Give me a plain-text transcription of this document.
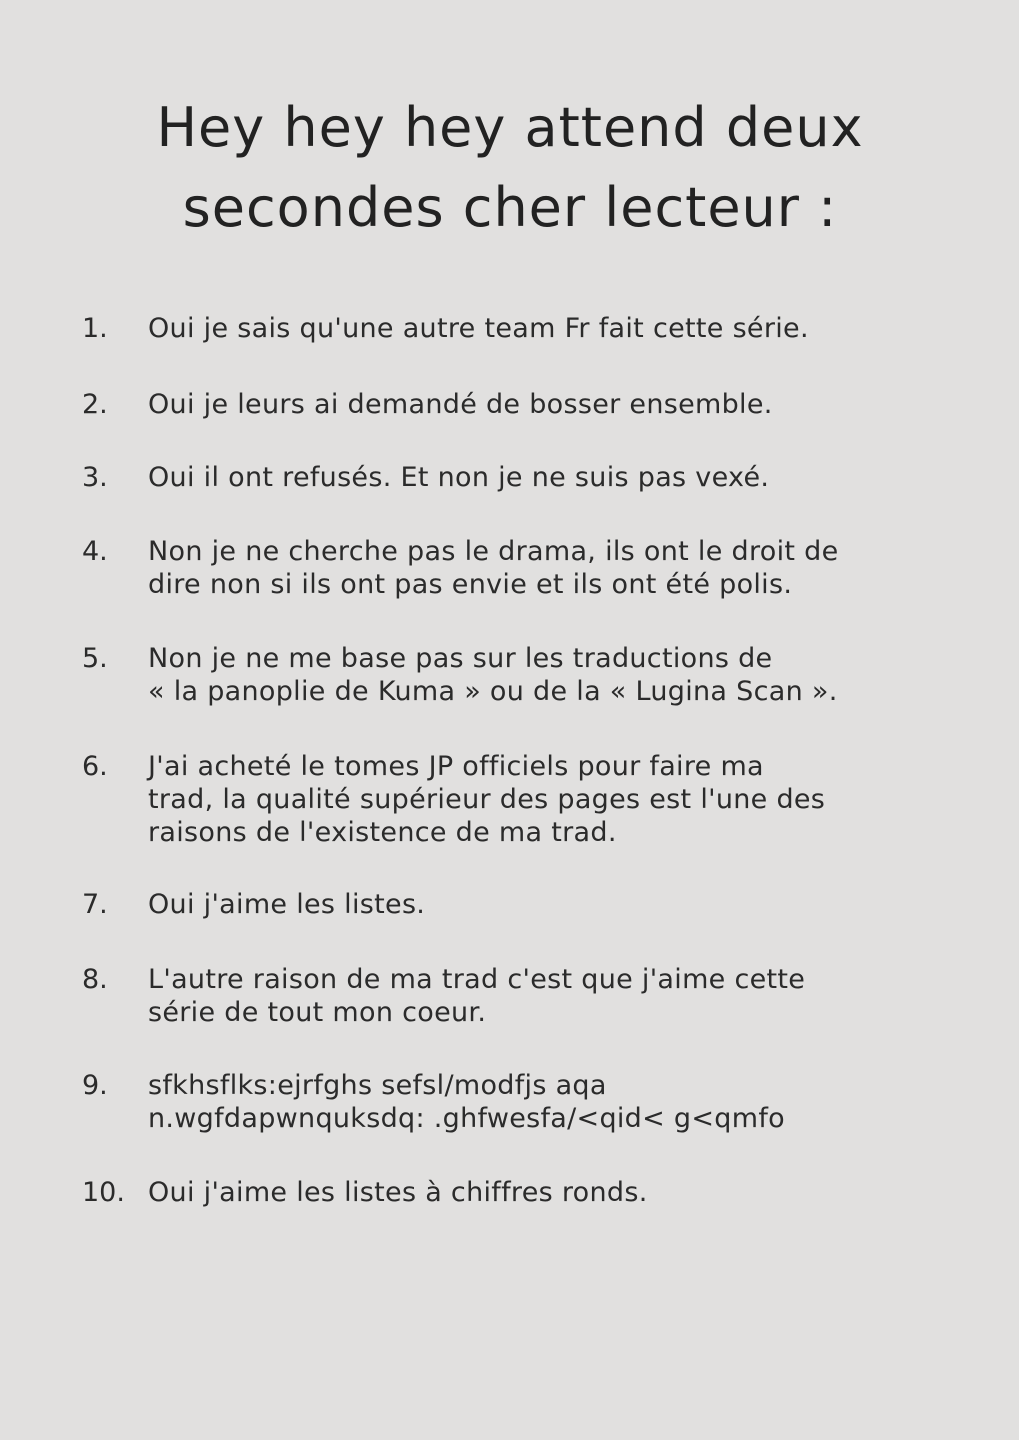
Hey hey hey attend deux
secondes cher lecteur :
1.	Oui je sais qu'une autre team Fr fait cette série.
2.	Oui je leurs ai demandé de bosser ensemble.
3.	Oui il ont refusés. Et non je ne suis pas vexé.
4.	Non je ne cherche pas le drama, ils ont le droit de
dire non si ils ont pas envie et ils ont été polis.
5.	Non je ne me base pas sur les traductions de
« la panoplie de Kuma » ou de la « Lugina Scan ».
6.	J'ai acheté le tomes JP officiels pour faire ma
trad, la qualité supérieur des pages est l'une des
raisons de l'existence de ma trad.
7.	Oui j'aime les listes.
8.	L'autre raison de ma trad c'est que j'aime cette
série de tout mon coeur.
9.	sfkhsflks:ejrfghs sefsl/modfjs aqa
n.wgfdapwnquksdq: .ghfwesfa/<qid< g<qmfo
10. Oui j'aime les listes à chiffres ronds.
